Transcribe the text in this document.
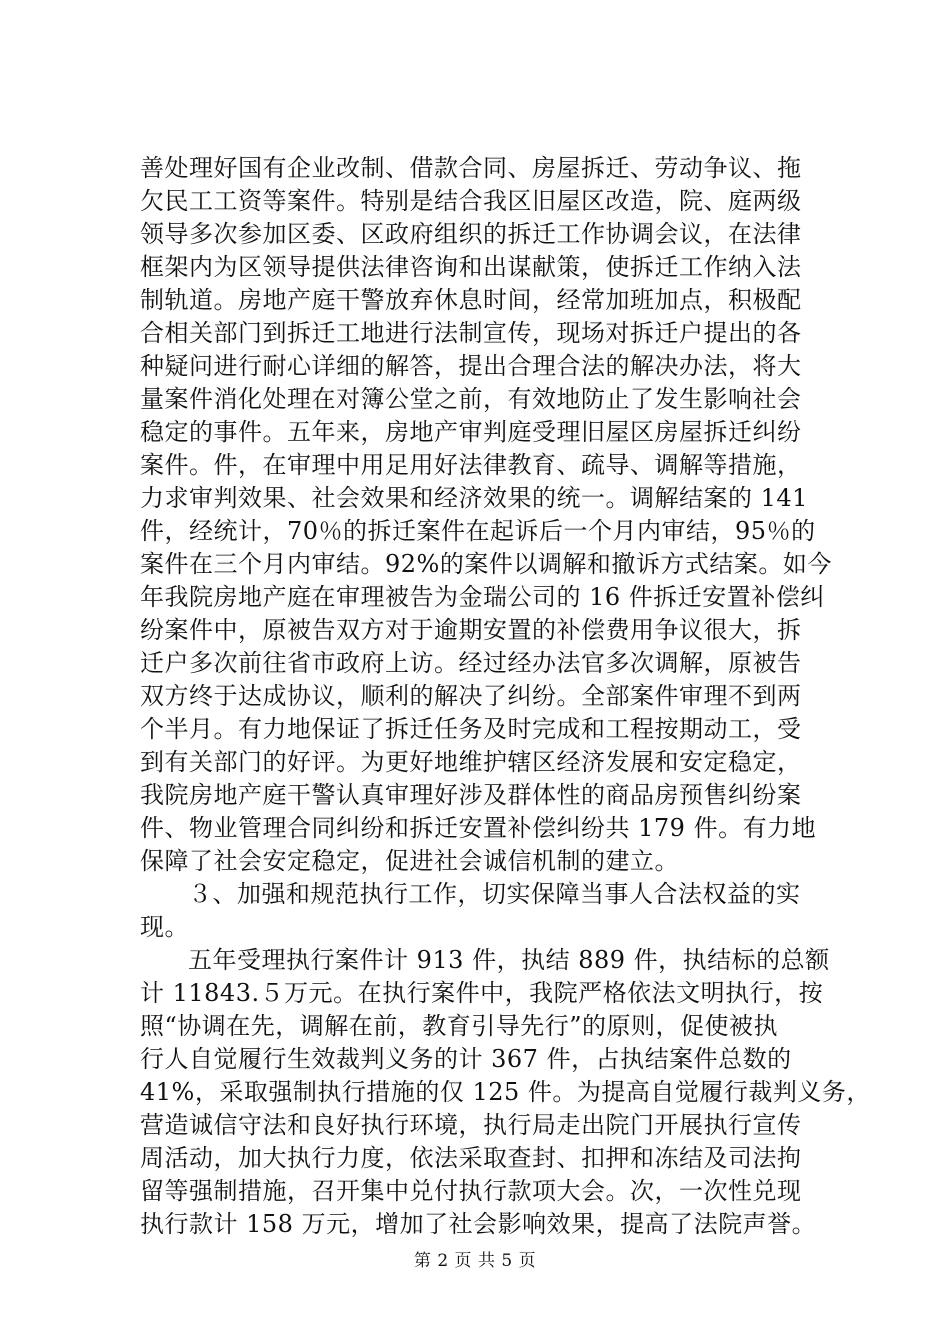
善处理好国有企业改制、借款合同、房屋拆迁、劳动争议、拖
欠民工工资等案件。特别是结合我区旧屋区改造，院、庭两级
领导多次参加区委、区政府组织的拆迁工作协调会议，在法律
框架内为区领导提供法律咨询和出谋献策，使拆迁工作纳入法
制轨道。房地产庭干警放弃休息时间，经常加班加点，积极配
合相关部门到拆迁工地进行法制宣传，现场对拆迁户提出的各
种疑问进行耐心详细的解答，提出合理合法的解决办法，将大
量案件消化处理在对簿公堂之前，有效地防止了发生影响社会
稳定的事件。五年来，房地产审判庭受理旧屋区房屋拆迁纠纷
案件。件，在审理中用足用好法律教育、疏导、调解等措施，
力求审判效果、社会效果和经济效果的统一。调解结案的 141
件，经统计，70％的拆迁案件在起诉后一个月内审结，95％的
案件在三个月内审结。92%的案件以调解和撤诉方式结案。如今
年我院房地产庭在审理被告为金瑞公司的 16 件拆迁安置补偿纠
纷案件中，原被告双方对于逾期安置的补偿费用争议很大，拆
迁户多次前往省市政府上访。经过经办法官多次调解，原被告
双方终于达成协议，顺利的解决了纠纷。全部案件审理不到两
个半月。有力地保证了拆迁任务及时完成和工程按期动工，受
到有关部门的好评。为更好地维护辖区经济发展和安定稳定，
我院房地产庭干警认真审理好涉及群体性的商品房预售纠纷案
件、物业管理合同纠纷和拆迁安置补偿纠纷共 179 件。有力地
保障了社会安定稳定，促进社会诚信机制的建立。
３、加强和规范执行工作，切实保障当事人合法权益的实
现。
五年受理执行案件计 913 件，执结 889 件，执结标的总额
计 11843.５万元。在执行案件中，我院严格依法文明执行，按
照“协调在先，调解在前，教育引导先行”的原则，促使被执
行人自觉履行生效裁判义务的计 367 件，占执结案件总数的
41%，采取强制执行措施的仅 125 件。为提高自觉履行裁判义务，
营造诚信守法和良好执行环境，执行局走出院门开展执行宣传
周活动，加大执行力度，依法采取查封、扣押和冻结及司法拘
留等强制措施，召开集中兑付执行款项大会。次，一次性兑现
执行款计 158 万元，增加了社会影响效果，提高了法院声誉。
第 2 页 共 5 页
